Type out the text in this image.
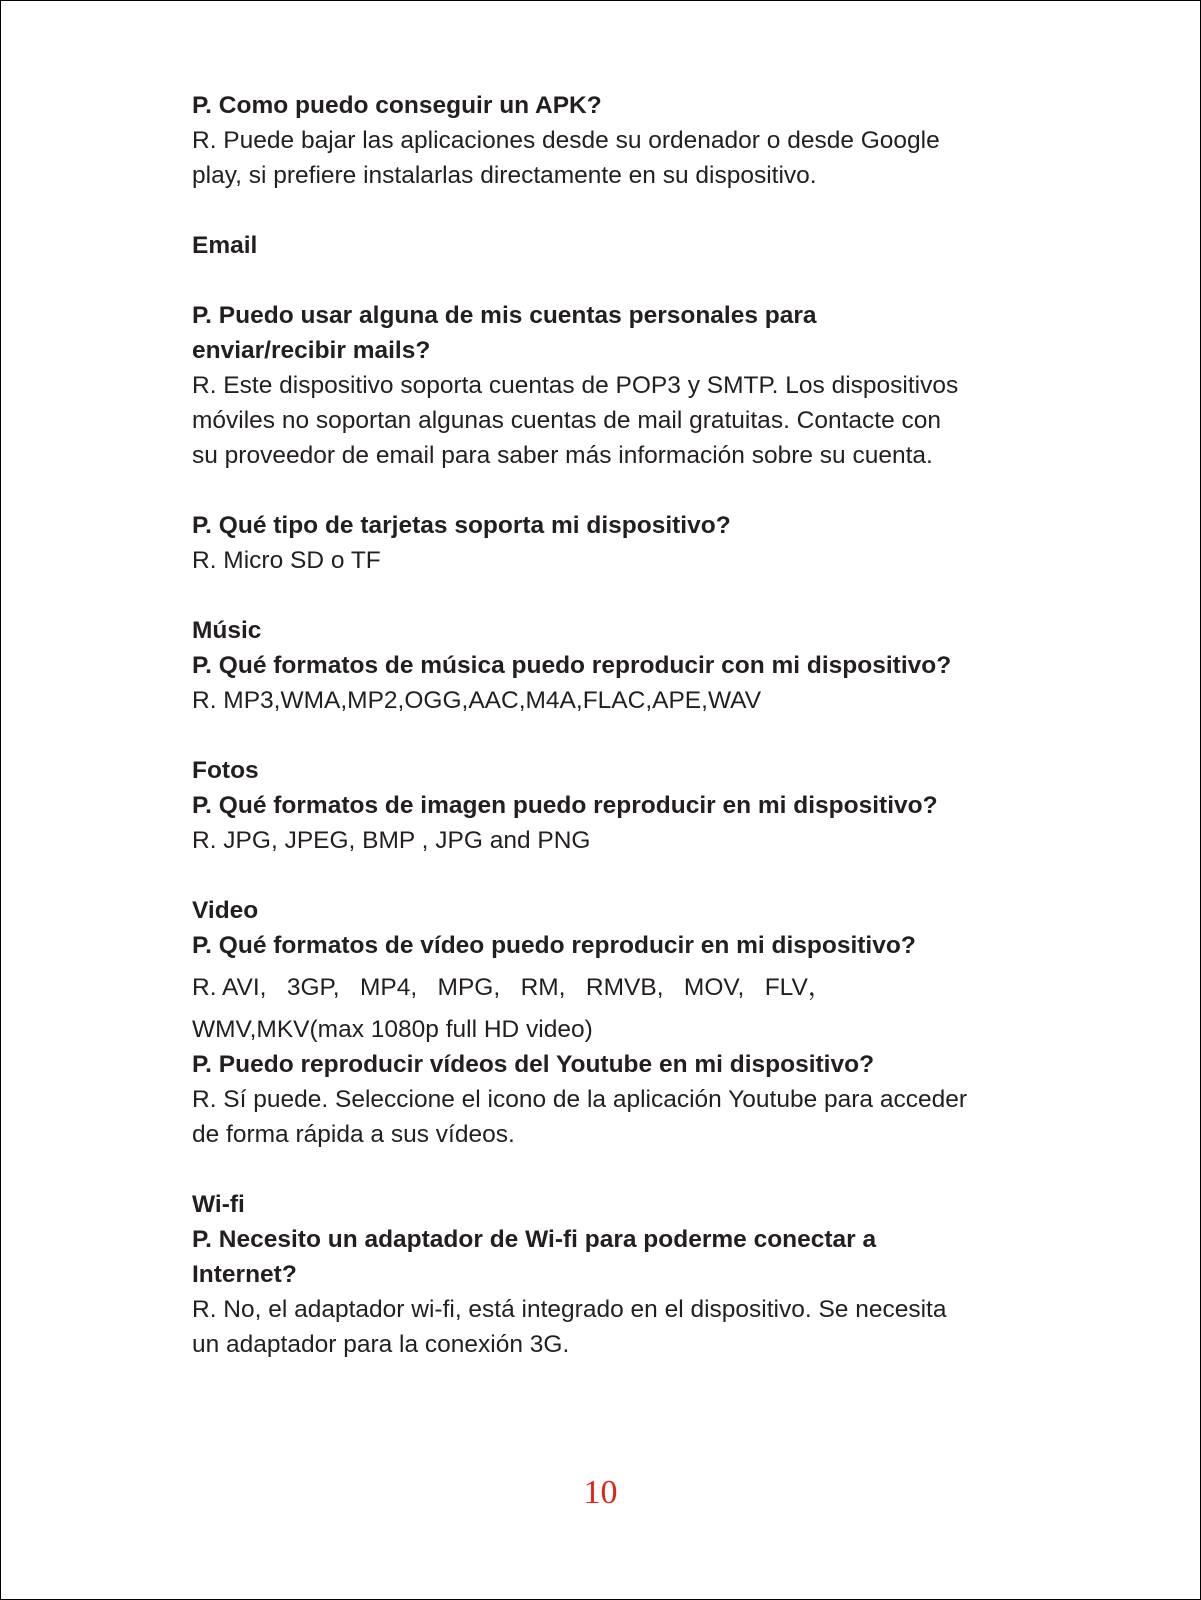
P. Como puedo conseguir un APK?
R. Puede bajar las aplicaciones desde su ordenador o desde Google
play, si prefiere instalarlas directamente en su dispositivo.
Email
P. Puedo usar alguna de mis cuentas personales para
enviar/recibir mails?
R. Este dispositivo soporta cuentas de POP3 y SMTP. Los dispositivos
móviles no soportan algunas cuentas de mail gratuitas. Contacte con
su proveedor de email para saber más información sobre su cuenta.
P. Qué tipo de tarjetas soporta mi dispositivo?
R. Micro SD o TF
Músic
P. Qué formatos de música puedo reproducir con mi dispositivo?
R. MP3,WMA,MP2,OGG,AAC,M4A,FLAC,APE,WAV
Fotos
P. Qué formatos de imagen puedo reproducir en mi dispositivo?
R. JPG, JPEG, BMP , JPG and PNG
Video
P. Qué formatos de vídeo puedo reproducir en mi dispositivo?
R. AVI,   3GP,   MP4,   MPG,   RM,   RMVB,   MOV,   FLV，
WMV,MKV(max 1080p full HD video)
P. Puedo reproducir vídeos del Youtube en mi dispositivo?
R. Sí puede. Seleccione el icono de la aplicación Youtube para acceder
de forma rápida a sus vídeos.
Wi-fi
P. Necesito un adaptador de Wi-fi para poderme conectar a
Internet?
R. No, el adaptador wi-fi, está integrado en el dispositivo. Se necesita
un adaptador para la conexión 3G.
10
